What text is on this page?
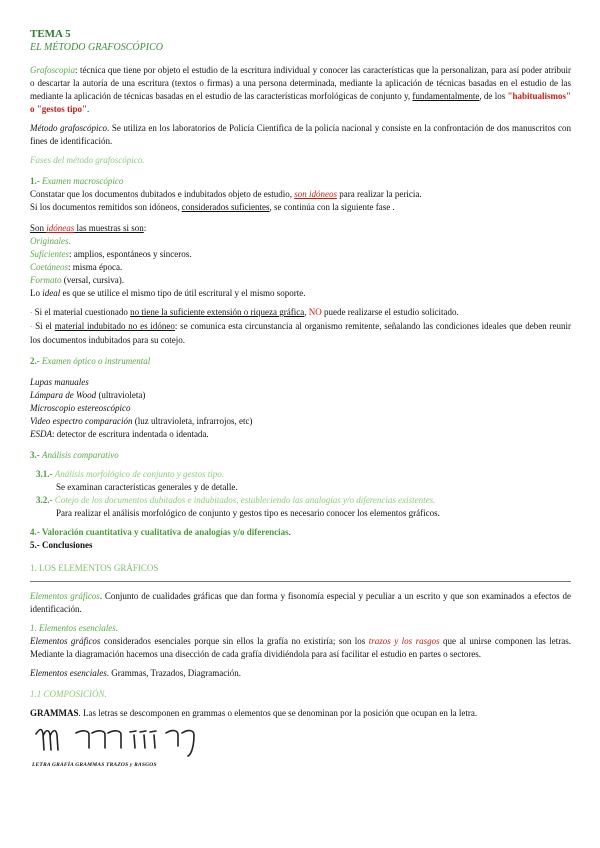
TEMA 5

EL MÉTODO GRAFOSCÓPICO

Grafoscopia: técnica que tiene por objeto el estudio de la escritura individual y conocer las características que la personalizan, para así poder atribuir o descartar la autoría de una escritura (textos o firmas) a una persona determinada, mediante la aplicación de técnicas basadas en el estudio de las mediante la aplicación de técnicas basadas en el estudio de las características morfológicas de conjunto y, fundamentalmente, de los "habitualismos" o "gestos tipo".

Método grafoscópico. Se utiliza en los laboratorios de Policía Científica de la policía nacional y consiste en la confrontación de dos manuscritos con fines de identificación.

Fases del método grafoscópico.

1.- Examen macroscópico

Constatar que los documentos dubitados e indubitados objeto de estudio, son idóneos para realizar la pericia.

Si los documentos remitidos son idóneos, considerados suficientes, se continúa con la siguiente fase .

Son idóneas las muestras si son:

Originales.

Suficientes: amplios, espontáneos y sinceros.

Coetáneos: misma época.

Formato (versal, cursiva).

Lo ideal es que se utilice el mismo tipo de útil escritural y el mismo soporte.

· Si el material cuestionado no tiene la suficiente extensión o riqueza gráfica, NO puede realizarse el estudio solicitado.

· Si el material indubitado no es idóneo: se comunica esta circunstancia al organismo remitente, señalando las condiciones ideales que deben reunir los documentos indubitados para su cotejo.

2.- Examen óptico o instrumental

Lupas manuales

Lámpara de Wood (ultravioleta)

Microscopio estereoscópico

Video espectro comparación (luz ultravioleta, infrarrojos, etc)

ESDA: detector de escritura indentada o identada.

3.- Análisis comparativo

3.1.- Análisis morfológico de conjunto y gestos tipo.

Se examinan características generales y de detalle.

3.2.- Cotejo de los documentos dubitados e indubitados, estableciendo las analogías y/o diferencias existentes.

Para realizar el análisis morfológico de conjunto y gestos tipo es necesario conocer los elementos gráficos.

4.- Valoración cuantitativa y cualitativa de analogías y/o diferencias.

5.- Conclusiones

1. LOS ELEMENTOS GRÁFICOS

Elementos gráficos. Conjunto de cualidades gráficas que dan forma y fisonomía especial y peculiar a un escrito y que son examinados a efectos de identificación.

1. Elementos esenciales.

Elementos gráficos considerados esenciales porque sin ellos la grafía no existiría; son los trazos y los rasgos que al unirse componen las letras. Mediante la diagramación hacemos una disección de cada grafía dividiéndola para así facilitar el estudio en partes o sectores.

Elementos esenciales. Grammas, Trazados, Diagramación.

1.1 COMPOSICIÓN.

GRAMMAS. Las letras se descomponen en grammas o elementos que se denominan por la posición que ocupan en la letra.

LETRA GRAFÍA GRAMMAS TRAZOS y RASGOS
